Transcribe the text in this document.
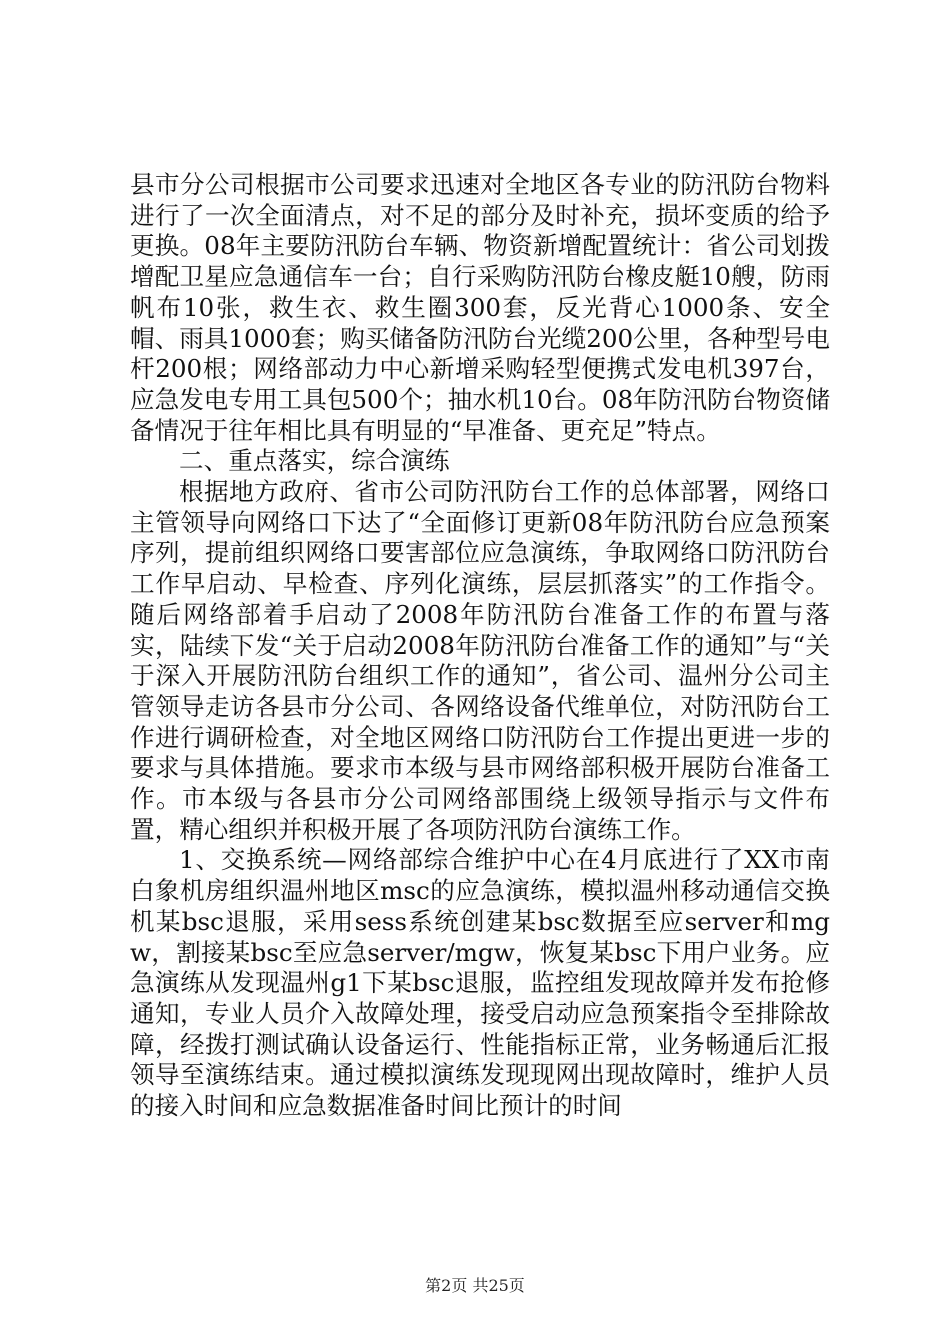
县市分公司根据市公司要求迅速对全地区各专业的防汛防台物料进行了一次全面清点，对不足的部分及时补充，损坏变质的给予更换。08年主要防汛防台车辆、物资新增配置统计：省公司划拨增配卫星应急通信车一台；自行采购防汛防台橡皮艇10艘，防雨帆布10张，救生衣、救生圈300套，反光背心1000条、安全帽、雨具1000套；购买储备防汛防台光缆200公里，各种型号电杆200根；网络部动力中心新增采购轻型便携式发电机397台，应急发电专用工具包500个；抽水机10台。08年防汛防台物资储备情况于往年相比具有明显的“早准备、更充足”特点。

二、重点落实，综合演练

根据地方政府、省市公司防汛防台工作的总体部署，网络口主管领导向网络口下达了“全面修订更新08年防汛防台应急预案序列，提前组织网络口要害部位应急演练，争取网络口防汛防台工作早启动、早检查、序列化演练，层层抓落实”的工作指令。随后网络部着手启动了2008年防汛防台准备工作的布置与落实，陆续下发“关于启动2008年防汛防台准备工作的通知”与“关于深入开展防汛防台组织工作的通知”，省公司、温州分公司主管领导走访各县市分公司、各网络设备代维单位，对防汛防台工作进行调研检查，对全地区网络口防汛防台工作提出更进一步的要求与具体措施。要求市本级与县市网络部积极开展防台准备工作。市本级与各县市分公司网络部围绕上级领导指示与文件布置，精心组织并积极开展了各项防汛防台演练工作。

1、交换系统—网络部综合维护中心在4月底进行了XX市南白象机房组织温州地区msc的应急演练，模拟温州移动通信交换机某bsc退服，采用sess系统创建某bsc数据至应server和mgw，割接某bsc至应急server/mgw，恢复某bsc下用户业务。应急演练从发现温州g1下某bsc退服，监控组发现故障并发布抢修通知，专业人员介入故障处理，接受启动应急预案指令至排除故障，经拨打测试确认设备运行、性能指标正常，业务畅通后汇报领导至演练结束。通过模拟演练发现现网出现故障时，维护人员的接入时间和应急数据准备时间比预计的时间

第2页 共25页
